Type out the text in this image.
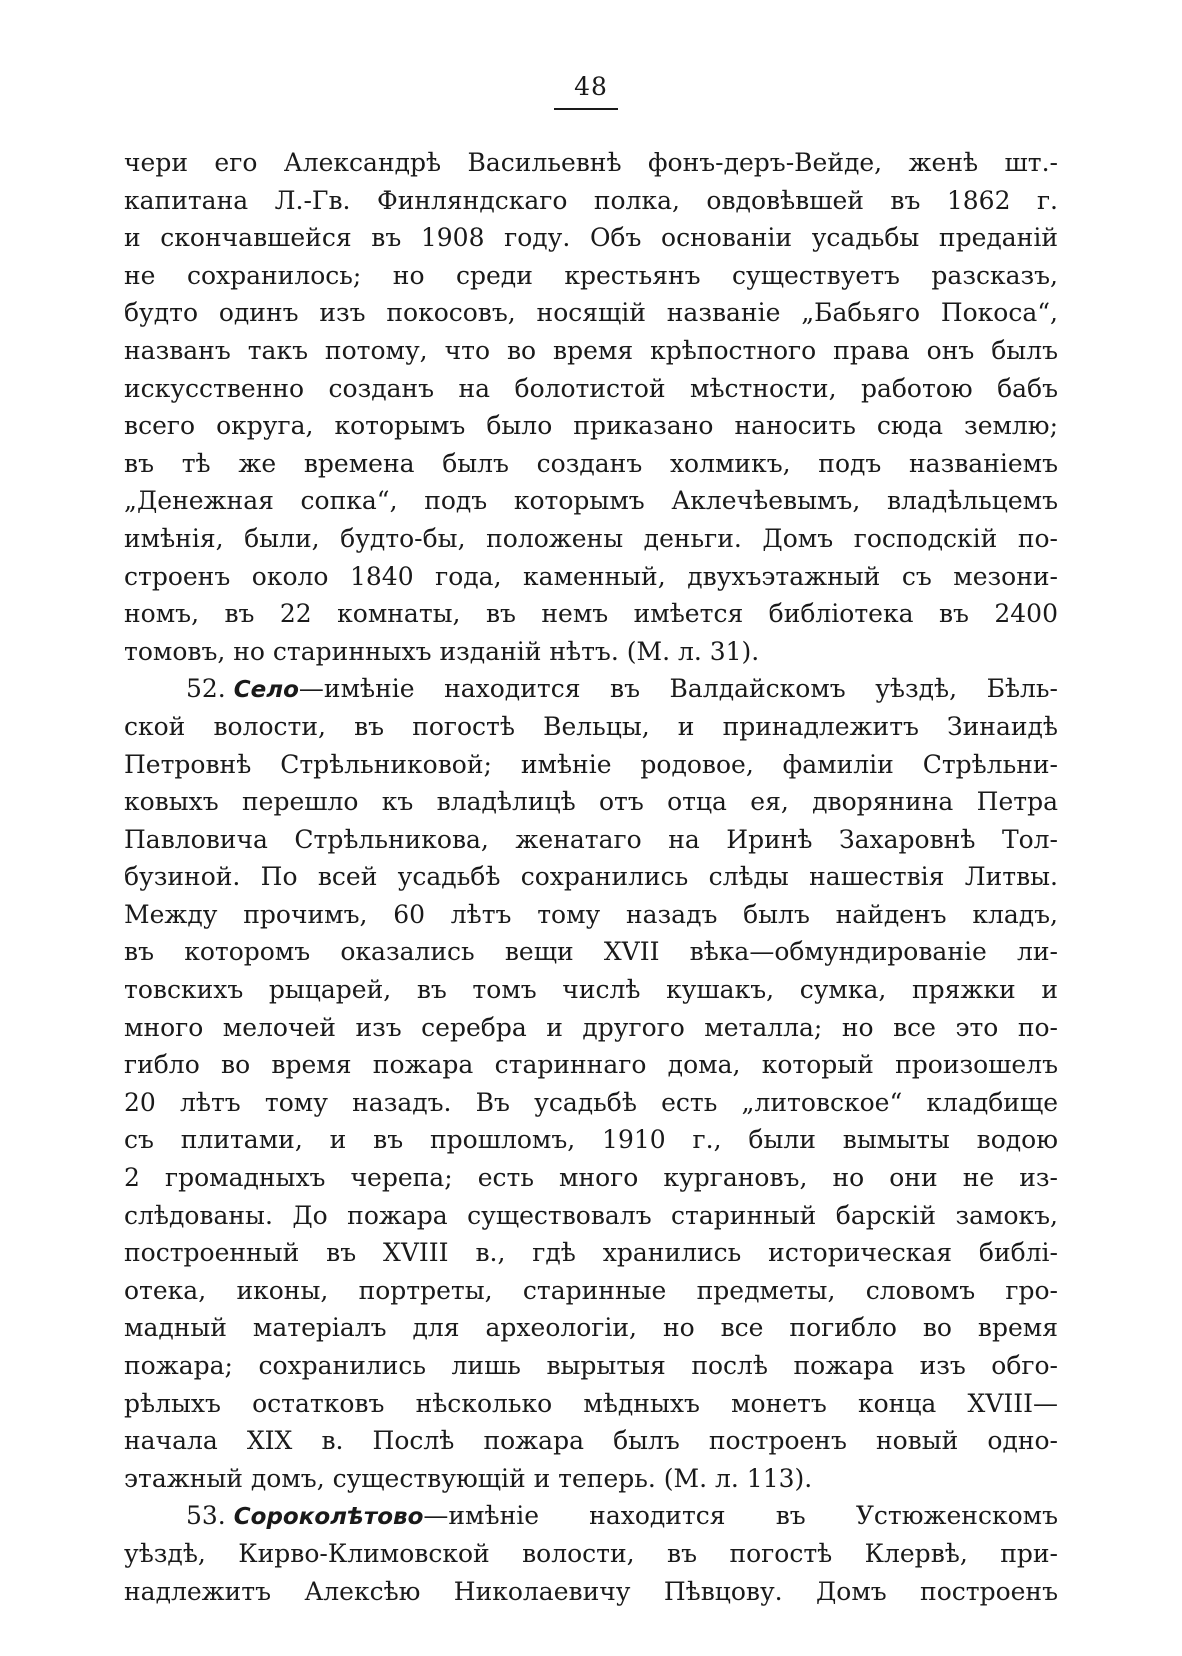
48
чери его Александрѣ Васильевнѣ фонъ-деръ-Вейде, женѣ шт.-
капитана Л.-Гв. Финляндскаго полка, овдовѣвшей въ 1862 г.
и скончавшейся въ 1908 году. Объ основанiи усадьбы преданій
не сохранилось; но среди крестьянъ существуетъ разсказъ,
будто одинъ изъ покосовъ, носящій названіе „Бабьяго Покоса“,
названъ такъ потому, что во время крѣпостного права онъ былъ
искусственно созданъ на болотистой мѣстности, работою бабъ
всего округа, которымъ было приказано наносить сюда землю;
въ тѣ же времена былъ созданъ холмикъ, подъ названіемъ
„Денежная сопка“, подъ которымъ Аклечѣевымъ, владѣльцемъ
имѣнія, были, будто-бы, положены деньги. Домъ господскій по-
строенъ около 1840 года, каменный, двухъэтажный съ мезони-
номъ, въ 22 комнаты, въ немъ имѣется библіотека въ 2400
томовъ, но старинныхъ изданій нѣтъ. (М. л. 31).
52. Село—имѣніе находится въ Валдайскомъ уѣздѣ, Бѣль-
ской волости, въ погостѣ Вельцы, и принадлежитъ Зинаидѣ
Петровнѣ Стрѣльниковой; имѣніе родовое, фамиліи Стрѣльни-
ковыхъ перешло къ владѣлицѣ отъ отца ея, дворянина Петра
Павловича Стрѣльникова, женатаго на Иринѣ Захаровнѣ Тол-
бузиной. По всей усадьбѣ сохранились слѣды нашествія Литвы.
Между прочимъ, 60 лѣтъ тому назадъ былъ найденъ кладъ,
въ которомъ оказались вещи XVII вѣка—обмундированіе ли-
товскихъ рыцарей, въ томъ числѣ кушакъ, сумка, пряжки и
много мелочей изъ серебра и другого металла; но все это по-
гибло во время пожара стариннаго дома, который произошелъ
20 лѣтъ тому назадъ. Въ усадьбѣ есть „литовское“ кладбище
съ плитами, и въ прошломъ, 1910 г., были вымыты водою
2 громадныхъ черепа; есть много кургановъ, но они не из-
слѣдованы. До пожара существовалъ старинный барскій замокъ,
построенный въ XVIII в., гдѣ хранились историческая библі-
отека, иконы, портреты, старинные предметы, словомъ гро-
мадный матеріалъ для археологіи, но все погибло во время
пожара; сохранились лишь вырытыя послѣ пожара изъ обго-
рѣлыхъ остатковъ нѣсколько мѣдныхъ монетъ конца XVIII—
начала XIX в. Послѣ пожара былъ построенъ новый одно-
этажный домъ, существующій и теперь. (М. л. 113).
53. Сороколѣтово—имѣніе находится въ Устюженскомъ
уѣздѣ, Кирво-Климовской волости, въ погостѣ Клервѣ, при-
надлежитъ Алексѣю Николаевичу Пѣвцову. Домъ построенъ
